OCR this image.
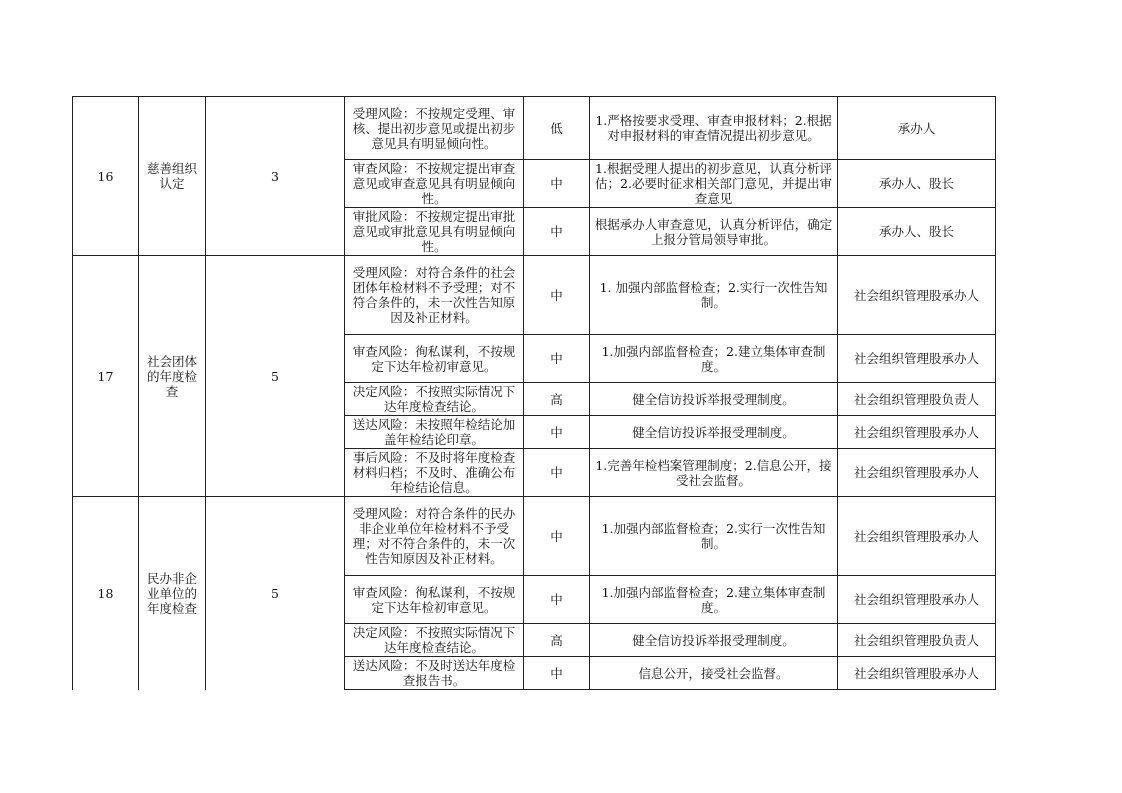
16	慈善组织认定	3	受理风险：不按规定受理、审核、提出初步意见或提出初步意见具有明显倾向性。	低	1.严格按要求受理、审查申报材料；2.根据对申报材料的审查情况提出初步意见。	承办人
			审查风险：不按规定提出审查意见或审查意见具有明显倾向性。	中	1.根据受理人提出的初步意见，认真分析评估；2.必要时征求相关部门意见，并提出审查意见	承办人、股长
			审批风险：不按规定提出审批意见或审批意见具有明显倾向性。	中	根据承办人审查意见，认真分析评估，确定上报分管局领导审批。	承办人、股长
17	社会团体的年度检查	5	受理风险：对符合条件的社会团体年检材料不予受理；对不符合条件的，未一次性告知原因及补正材料。	中	1. 加强内部监督检查；2.实行一次性告知制。	社会组织管理股承办人
			审查风险：徇私谋利，不按规定下达年检初审意见。	中	1.加强内部监督检查；2.建立集体审查制度。	社会组织管理股承办人
			决定风险：不按照实际情况下达年度检查结论。	高	健全信访投诉举报受理制度。	社会组织管理股负责人
			送达风险：未按照年检结论加盖年检结论印章。	中	健全信访投诉举报受理制度。	社会组织管理股承办人
			事后风险：不及时将年度检查材料归档；不及时、准确公布年检结论信息。	中	1.完善年检档案管理制度；2.信息公开，接受社会监督。	社会组织管理股承办人
18	民办非企业单位的年度检查	5	受理风险：对符合条件的民办非企业单位年检材料不予受理；对不符合条件的，未一次性告知原因及补正材料。	中	1.加强内部监督检查；2.实行一次性告知制。	社会组织管理股承办人
			审查风险：徇私谋利，不按规定下达年检初审意见。	中	1.加强内部监督检查；2.建立集体审查制度。	社会组织管理股承办人
			决定风险：不按照实际情况下达年度检查结论。	高	健全信访投诉举报受理制度。	社会组织管理股负责人
			送达风险：不及时送达年度检查报告书。	中	信息公开，接受社会监督。	社会组织管理股承办人
